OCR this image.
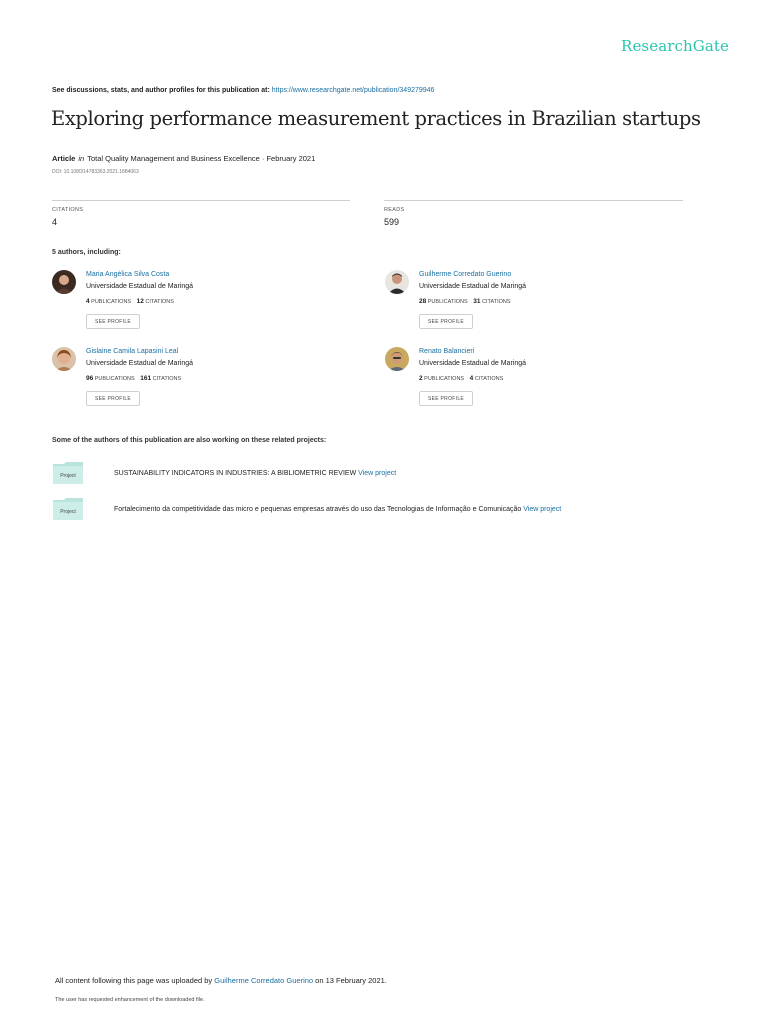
ResearchGate
See discussions, stats, and author profiles for this publication at: https://www.researchgate.net/publication/349279946
Exploring performance measurement practices in Brazilian startups
Article in Total Quality Management and Business Excellence · February 2021
DOI: 10.1080/14783363.2021.1884063
CITATIONS
4
READS
599
5 authors, including:
Maria Angélica Silva Costa
Universidade Estadual de Maringá
4 PUBLICATIONS 12 CITATIONS
SEE PROFILE
Guilherme Corredato Guerino
Universidade Estadual de Maringá
28 PUBLICATIONS 31 CITATIONS
SEE PROFILE
Gislaine Camila Lapasini Leal
Universidade Estadual de Maringá
96 PUBLICATIONS 161 CITATIONS
SEE PROFILE
Renato Balancieri
Universidade Estadual de Maringá
2 PUBLICATIONS 4 CITATIONS
SEE PROFILE
Some of the authors of this publication are also working on these related projects:
Project	SUSTAINABILITY INDICATORS IN INDUSTRIES: A BIBLIOMETRIC REVIEW View project
Project	Fortalecimento da competitividade das micro e pequenas empresas através do uso das Tecnologias de Informação e Comunicação View project
All content following this page was uploaded by Guilherme Corredato Guerino on 13 February 2021.
The user has requested enhancement of the downloaded file.
